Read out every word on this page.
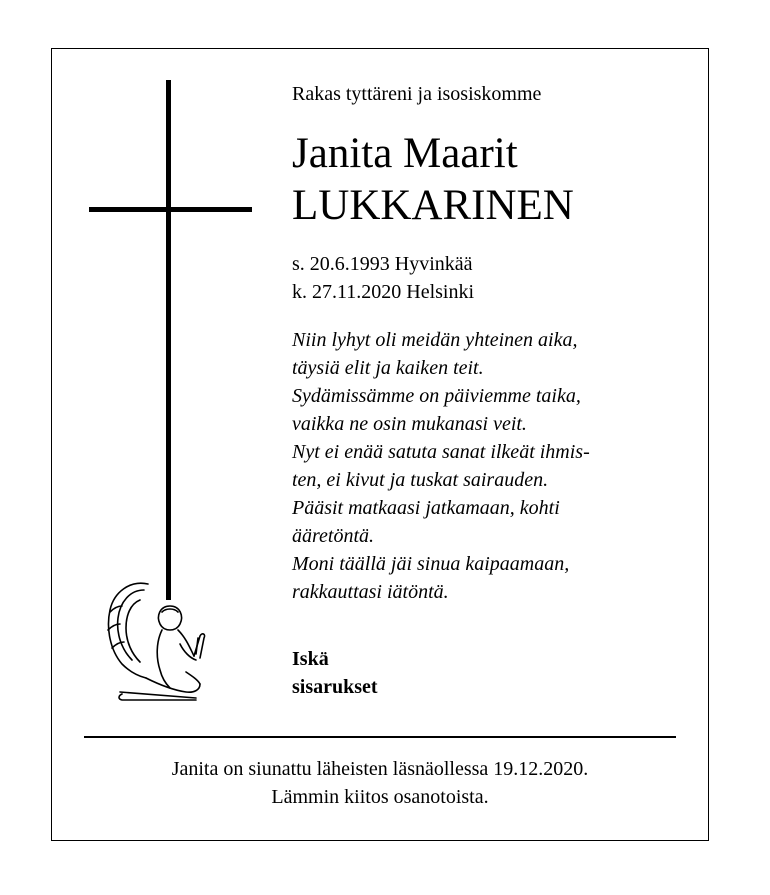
Rakas tyttäreni ja isosiskomme
Janita Maarit
LUKKARINEN
s. 20.6.1993 Hyvinkää
k. 27.11.2020 Helsinki
Niin lyhyt oli meidän yhteinen aika,
täysiä elit ja kaiken teit.
Sydämissämme on päiviemme taika,
vaikka ne osin mukanasi veit.
Nyt ei enää satuta sanat ilkeät ihmis-
ten, ei kivut ja tuskat sairauden.
Pääsit matkaasi jatkamaan, kohti
ääretöntä.
Moni täällä jäi sinua kaipaamaan,
rakkauttasi iätöntä.
Iskä
sisarukset
Janita on siunattu läheisten läsnäollessa 19.12.2020.
Lämmin kiitos osanotoista.
